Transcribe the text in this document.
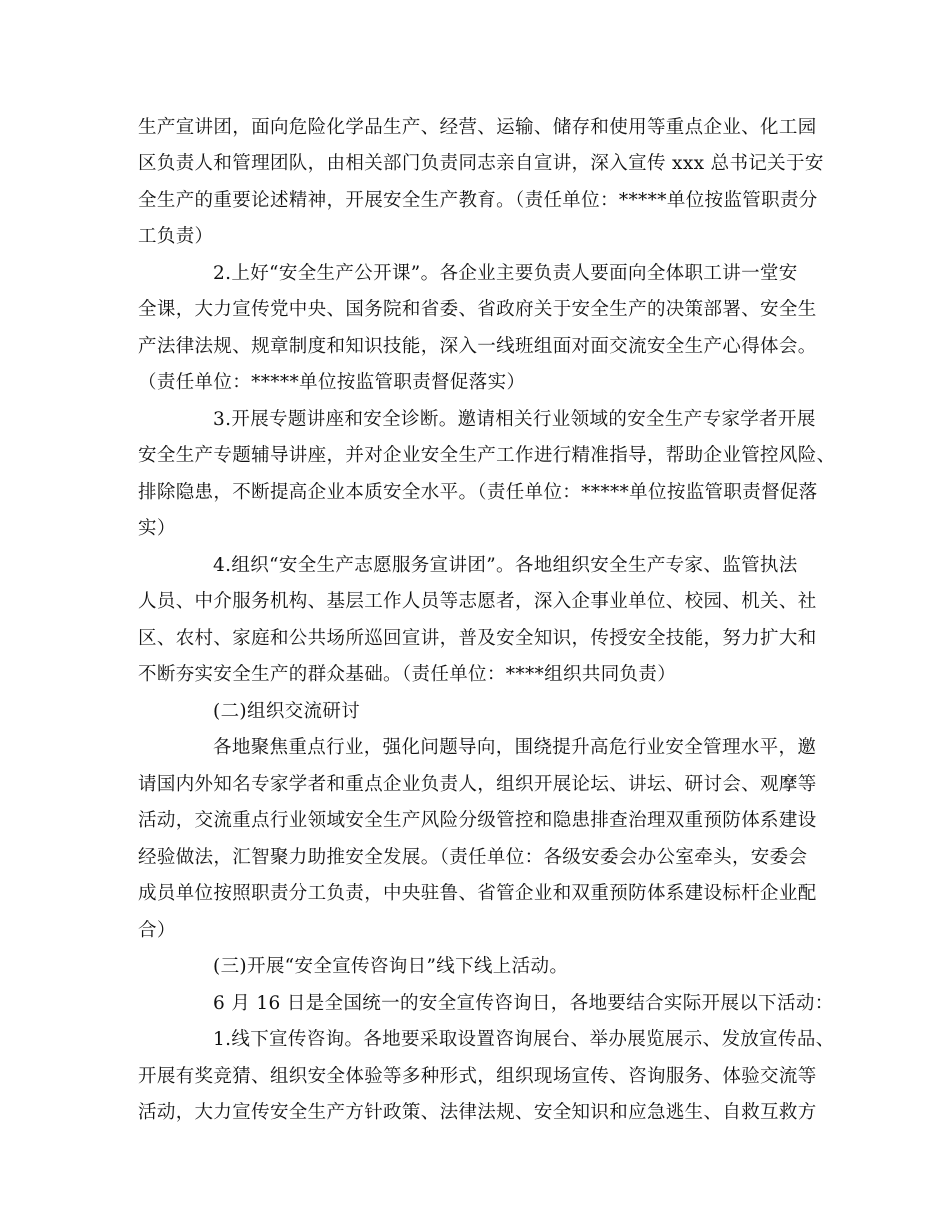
生产宣讲团，面向危险化学品生产、经营、运输、储存和使用等重点企业、化工园
区负责人和管理团队，由相关部门负责同志亲自宣讲，深入宣传 xxx 总书记关于安
全生产的重要论述精神，开展安全生产教育。（责任单位：*****单位按监管职责分
工负责）
2.上好“安全生产公开课”。各企业主要负责人要面向全体职工讲一堂安
全课，大力宣传党中央、国务院和省委、省政府关于安全生产的决策部署、安全生
产法律法规、规章制度和知识技能，深入一线班组面对面交流安全生产心得体会。
（责任单位：*****单位按监管职责督促落实）
3.开展专题讲座和安全诊断。邀请相关行业领域的安全生产专家学者开展
安全生产专题辅导讲座，并对企业安全生产工作进行精准指导，帮助企业管控风险、
排除隐患，不断提高企业本质安全水平。（责任单位：*****单位按监管职责督促落
实）
4.组织“安全生产志愿服务宣讲团”。各地组织安全生产专家、监管执法
人员、中介服务机构、基层工作人员等志愿者，深入企事业单位、校园、机关、社
区、农村、家庭和公共场所巡回宣讲，普及安全知识，传授安全技能，努力扩大和
不断夯实安全生产的群众基础。（责任单位：****组织共同负责）
(二)组织交流研讨
各地聚焦重点行业，强化问题导向，围绕提升高危行业安全管理水平，邀
请国内外知名专家学者和重点企业负责人，组织开展论坛、讲坛、研讨会、观摩等
活动，交流重点行业领域安全生产风险分级管控和隐患排查治理双重预防体系建设
经验做法，汇智聚力助推安全发展。（责任单位：各级安委会办公室牵头，安委会
成员单位按照职责分工负责，中央驻鲁、省管企业和双重预防体系建设标杆企业配
合）
(三)开展“安全宣传咨询日”线下线上活动。
6 月 16 日是全国统一的安全宣传咨询日，各地要结合实际开展以下活动：
1.线下宣传咨询。各地要采取设置咨询展台、举办展览展示、发放宣传品、
开展有奖竞猜、组织安全体验等多种形式，组织现场宣传、咨询服务、体验交流等
活动，大力宣传安全生产方针政策、法律法规、安全知识和应急逃生、自救互救方
